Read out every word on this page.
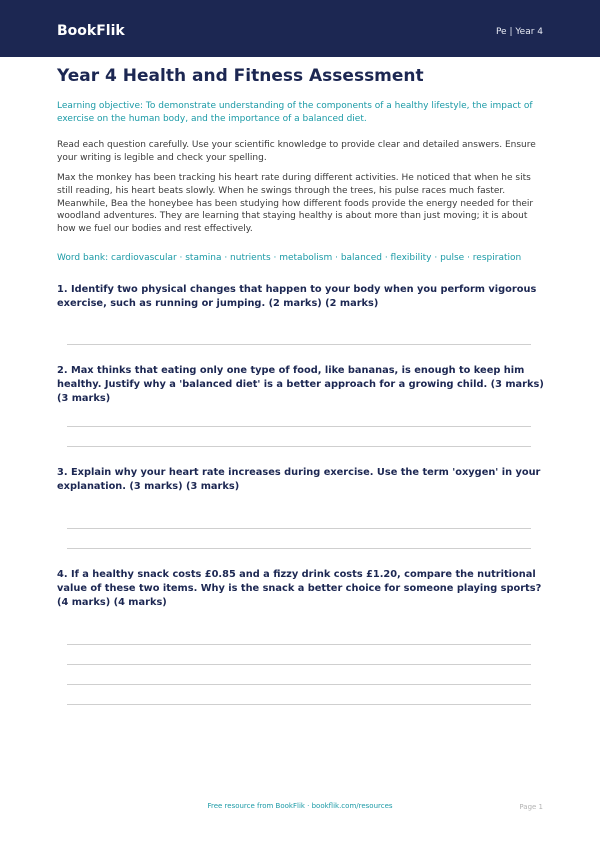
BookFlik	Pe | Year 4
Year 4 Health and Fitness Assessment

Learning objective: To demonstrate understanding of the components of a healthy lifestyle, the impact of exercise on the human body, and the importance of a balanced diet.

Read each question carefully. Use your scientific knowledge to provide clear and detailed answers. Ensure your writing is legible and check your spelling.

Max the monkey has been tracking his heart rate during different activities. He noticed that when he sits still reading, his heart beats slowly. When he swings through the trees, his pulse races much faster. Meanwhile, Bea the honeybee has been studying how different foods provide the energy needed for their woodland adventures. They are learning that staying healthy is about more than just moving; it is about how we fuel our bodies and rest effectively.

Word bank: cardiovascular · stamina · nutrients · metabolism · balanced · flexibility · pulse · respiration

1. Identify two physical changes that happen to your body when you perform vigorous exercise, such as running or jumping. (2 marks) (2 marks)

2. Max thinks that eating only one type of food, like bananas, is enough to keep him healthy. Justify why a 'balanced diet' is a better approach for a growing child. (3 marks) (3 marks)

3. Explain why your heart rate increases during exercise. Use the term 'oxygen' in your explanation. (3 marks) (3 marks)

4. If a healthy snack costs £0.85 and a fizzy drink costs £1.20, compare the nutritional value of these two items. Why is the snack a better choice for someone playing sports? (4 marks) (4 marks)

Free resource from BookFlik · bookflik.com/resources	Page 1
